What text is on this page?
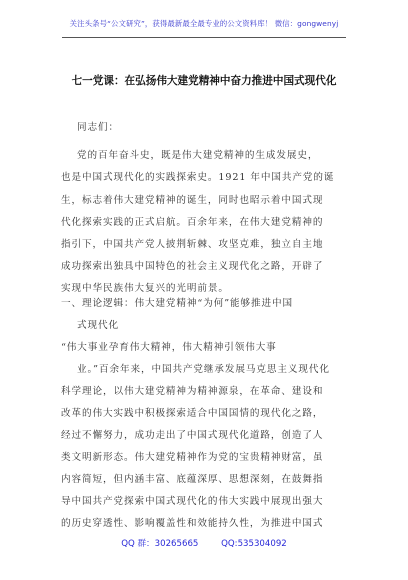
关注头条号“公文研究”，获得最新最全最专业的公文资料库！ 微信：gongwenyj
七一党课：在弘扬伟大建党精神中奋力推进中国式现代化
同志们：
党的百年奋斗史，既是伟大建党精神的生成发展史，
也是中国式现代化的实践探索史。1921 年中国共产党的诞
生，标志着伟大建党精神的诞生，同时也昭示着中国式现
代化探索实践的正式启航。百余年来，在伟大建党精神的
指引下，中国共产党人披荆斩棘、攻坚克难，独立自主地
成功探索出独具中国特色的社会主义现代化之路，开辟了
实现中华民族伟大复兴的光明前景。
一、理论逻辑：伟大建党精神“为何”能够推进中国
式现代化
“伟大事业孕育伟大精神，伟大精神引领伟大事
业。”百余年来，中国共产党继承发展马克思主义现代化
科学理论，以伟大建党精神为精神源泉，在革命、建设和
改革的伟大实践中积极探索适合中国国情的现代化之路，
经过不懈努力，成功走出了中国式现代化道路，创造了人
类文明新形态。伟大建党精神作为党的宝贵精神财富，虽
内容简短，但内涵丰富、底蕴深厚、思想深刻，在鼓舞指
导中国共产党探索中国式现代化的伟大实践中展现出强大
的历史穿透性、影响覆盖性和效能持久性，为推进中国式
QQ 群：30265665	QQ:535304092
